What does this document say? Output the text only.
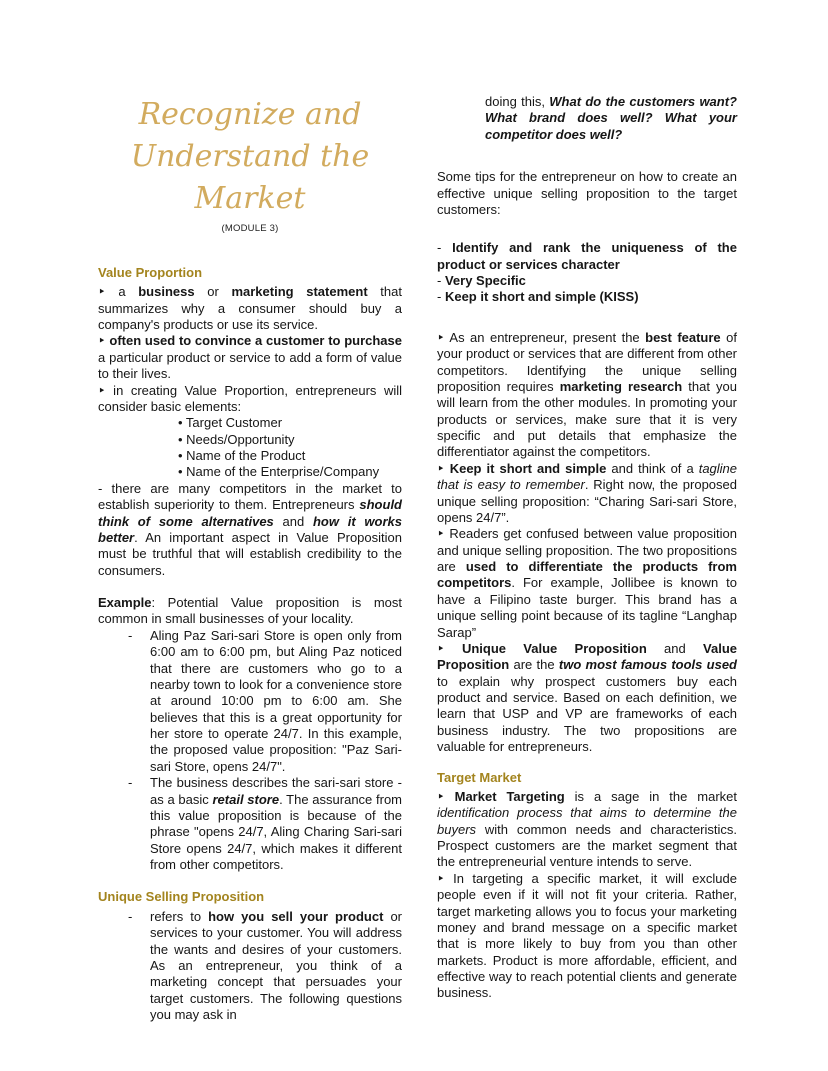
Recognize and
Understand the Market
(MODULE 3)
Value Proportion
‣ a business or marketing statement that summarizes why a consumer should buy a company's products or use its service.
‣ often used to convince a customer to purchase a particular product or service to add a form of value to their lives.
‣ in creating Value Proportion, entrepreneurs will consider basic elements:
• Target Customer
• Needs/Opportunity
• Name of the Product
• Name of the Enterprise/Company
- there are many competitors in the market to establish superiority to them. Entrepreneurs should think of some alternatives and how it works better. An important aspect in Value Proposition must be truthful that will establish credibility to the consumers.
Example: Potential Value proposition is most common in small businesses of your locality.
-	Aling Paz Sari-sari Store is open only from 6:00 am to 6:00 pm, but Aling Paz noticed that there are customers who go to a nearby town to look for a convenience store at around 10:00 pm to 6:00 am. She believes that this is a great opportunity for her store to operate 24/7. In this example, the proposed value proposition: "Paz Sari-sari Store, opens 24/7".
-	The business describes the sari-sari store - as a basic retail store. The assurance from this value proposition is because of the phrase "opens 24/7, Aling Charing Sari-sari Store opens 24/7, which makes it different from other competitors.
Unique Selling Proposition
-	refers to how you sell your product or services to your customer. You will address the wants and desires of your customers. As an entrepreneur, you think of a marketing concept that persuades your target customers. The following questions you may ask in
doing this, What do the customers want? What brand does well? What your competitor does well?
Some tips for the entrepreneur on how to create an effective unique selling proposition to the target customers:
- Identify and rank the uniqueness of the product or services character
- Very Specific
- Keep it short and simple (KISS)
‣ As an entrepreneur, present the best feature of your product or services that are different from other competitors. Identifying the unique selling proposition requires marketing research that you will learn from the other modules. In promoting your products or services, make sure that it is very specific and put details that emphasize the differentiator against the competitors.
‣ Keep it short and simple and think of a tagline that is easy to remember. Right now, the proposed unique selling proposition: “Charing Sari-sari Store, opens 24/7”.
‣ Readers get confused between value proposition and unique selling proposition. The two propositions are used to differentiate the products from competitors. For example, Jollibee is known to have a Filipino taste burger. This brand has a unique selling point because of its tagline “Langhap Sarap”
‣ Unique Value Proposition and Value Proposition are the two most famous tools used to explain why prospect customers buy each product and service. Based on each definition, we learn that USP and VP are frameworks of each business industry. The two propositions are valuable for entrepreneurs.
Target Market
‣ Market Targeting is a sage in the market identification process that aims to determine the buyers with common needs and characteristics. Prospect customers are the market segment that the entrepreneurial venture intends to serve.
‣ In targeting a specific market, it will exclude people even if it will not fit your criteria. Rather, target marketing allows you to focus your marketing money and brand message on a specific market that is more likely to buy from you than other markets. Product is more affordable, efficient, and effective way to reach potential clients and generate business.
